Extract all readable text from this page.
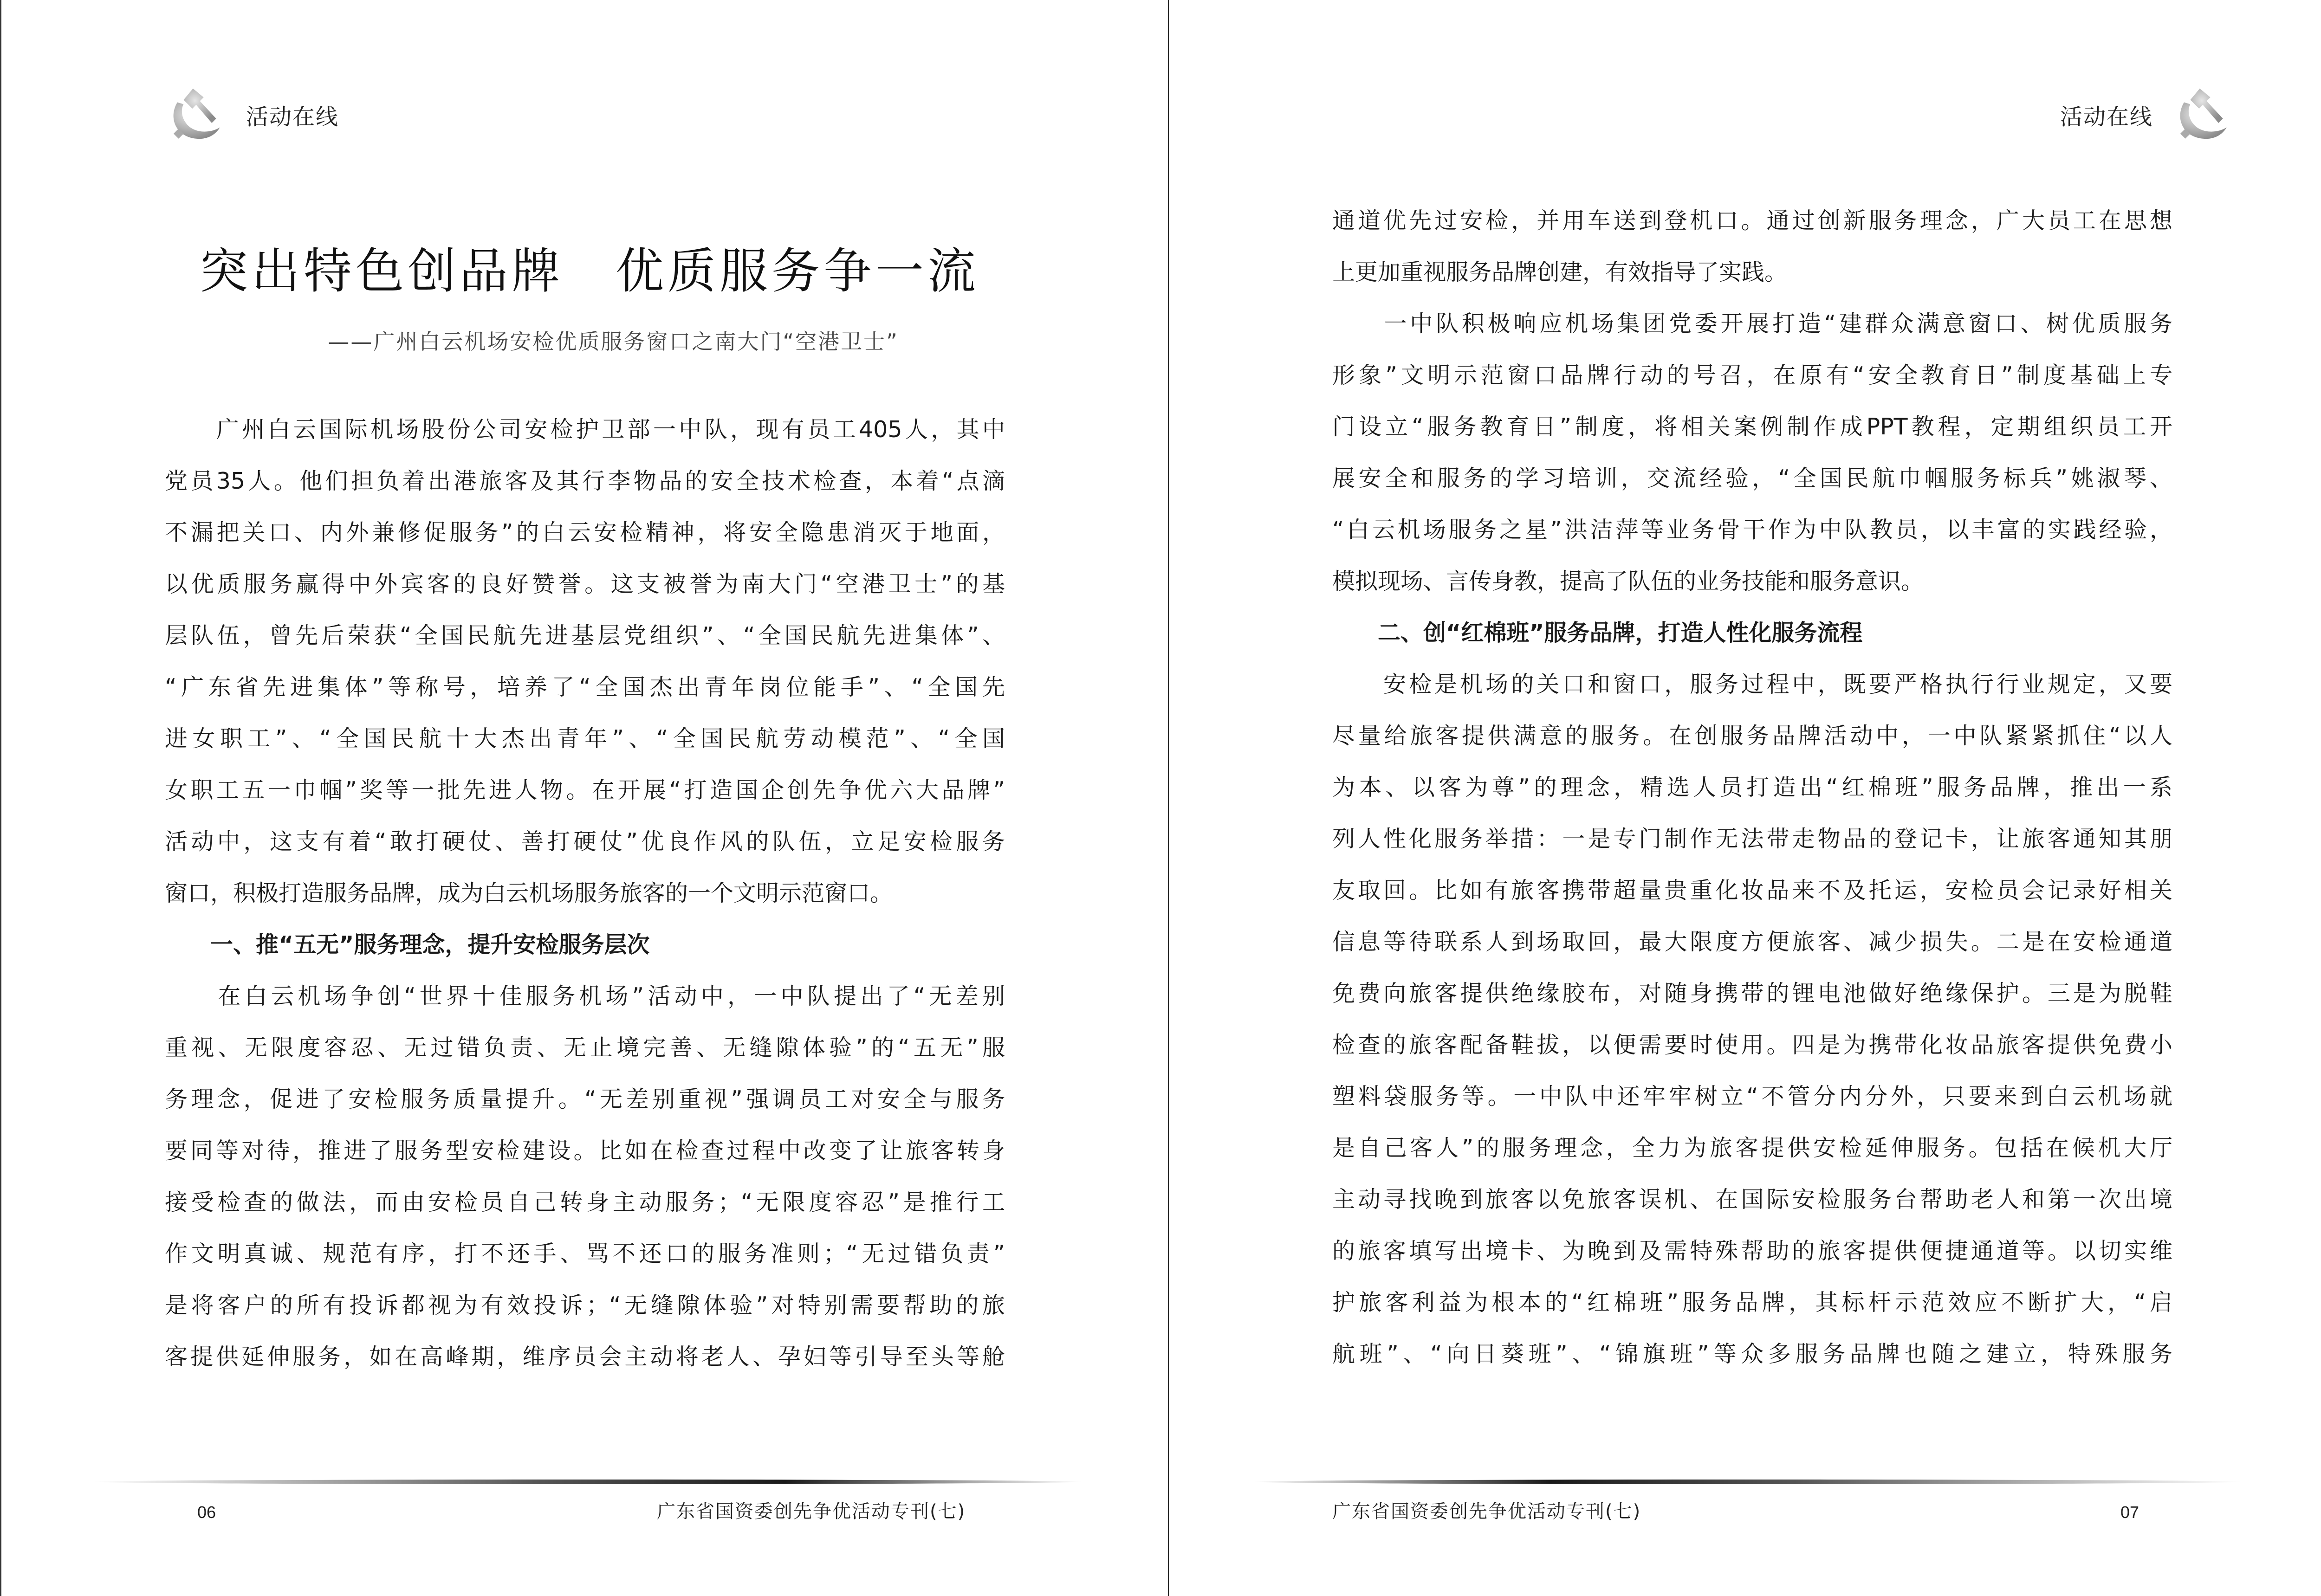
活动在线
突出特色创品牌　优质服务争一流
——广州白云机场安检优质服务窗口之南大门“空港卫士”
　　广州白云国际机场股份公司安检护卫部一中队，现有员工405人，其中
党员35人。他们担负着出港旅客及其行李物品的安全技术检查，本着“点滴
不漏把关口、内外兼修促服务”的白云安检精神，将安全隐患消灭于地面，
以优质服务赢得中外宾客的良好赞誉。这支被誉为南大门“空港卫士”的基
层队伍，曾先后荣获“全国民航先进基层党组织”、“全国民航先进集体”、
“广东省先进集体”等称号，培养了“全国杰出青年岗位能手”、“全国先
进女职工”、“全国民航十大杰出青年”、“全国民航劳动模范”、“全国
女职工五一巾帼”奖等一批先进人物。在开展“打造国企创先争优六大品牌”
活动中，这支有着“敢打硬仗、善打硬仗”优良作风的队伍，立足安检服务
窗口，积极打造服务品牌，成为白云机场服务旅客的一个文明示范窗口。
　　一、推“五无”服务理念，提升安检服务层次
　　在白云机场争创“世界十佳服务机场”活动中，一中队提出了“无差别
重视、无限度容忍、无过错负责、无止境完善、无缝隙体验”的“五无”服
务理念，促进了安检服务质量提升。“无差别重视”强调员工对安全与服务
要同等对待，推进了服务型安检建设。比如在检查过程中改变了让旅客转身
接受检查的做法，而由安检员自己转身主动服务；“无限度容忍”是推行工
作文明真诚、规范有序，打不还手、骂不还口的服务准则；“无过错负责”
是将客户的所有投诉都视为有效投诉；“无缝隙体验”对特别需要帮助的旅
客提供延伸服务，如在高峰期，维序员会主动将老人、孕妇等引导至头等舱
06	广东省国资委创先争优活动专刊(七)
活动在线
通道优先过安检，并用车送到登机口。通过创新服务理念，广大员工在思想
上更加重视服务品牌创建，有效指导了实践。
　　一中队积极响应机场集团党委开展打造“建群众满意窗口、树优质服务
形象”文明示范窗口品牌行动的号召，在原有“安全教育日”制度基础上专
门设立“服务教育日”制度，将相关案例制作成PPT教程，定期组织员工开
展安全和服务的学习培训，交流经验，“全国民航巾帼服务标兵”姚淑琴、
“白云机场服务之星”洪洁萍等业务骨干作为中队教员，以丰富的实践经验，
模拟现场、言传身教，提高了队伍的业务技能和服务意识。
　　二、创“红棉班”服务品牌，打造人性化服务流程
　　安检是机场的关口和窗口，服务过程中，既要严格执行行业规定，又要
尽量给旅客提供满意的服务。在创服务品牌活动中，一中队紧紧抓住“以人
为本、以客为尊”的理念，精选人员打造出“红棉班”服务品牌，推出一系
列人性化服务举措：一是专门制作无法带走物品的登记卡，让旅客通知其朋
友取回。比如有旅客携带超量贵重化妆品来不及托运，安检员会记录好相关
信息等待联系人到场取回，最大限度方便旅客、减少损失。二是在安检通道
免费向旅客提供绝缘胶布，对随身携带的锂电池做好绝缘保护。三是为脱鞋
检查的旅客配备鞋拔，以便需要时使用。四是为携带化妆品旅客提供免费小
塑料袋服务等。一中队中还牢牢树立“不管分内分外，只要来到白云机场就
是自己客人”的服务理念，全力为旅客提供安检延伸服务。包括在候机大厅
主动寻找晚到旅客以免旅客误机、在国际安检服务台帮助老人和第一次出境
的旅客填写出境卡、为晚到及需特殊帮助的旅客提供便捷通道等。以切实维
护旅客利益为根本的“红棉班”服务品牌，其标杆示范效应不断扩大，“启
航班”、“向日葵班”、“锦旗班”等众多服务品牌也随之建立，特殊服务
广东省国资委创先争优活动专刊(七)	07
